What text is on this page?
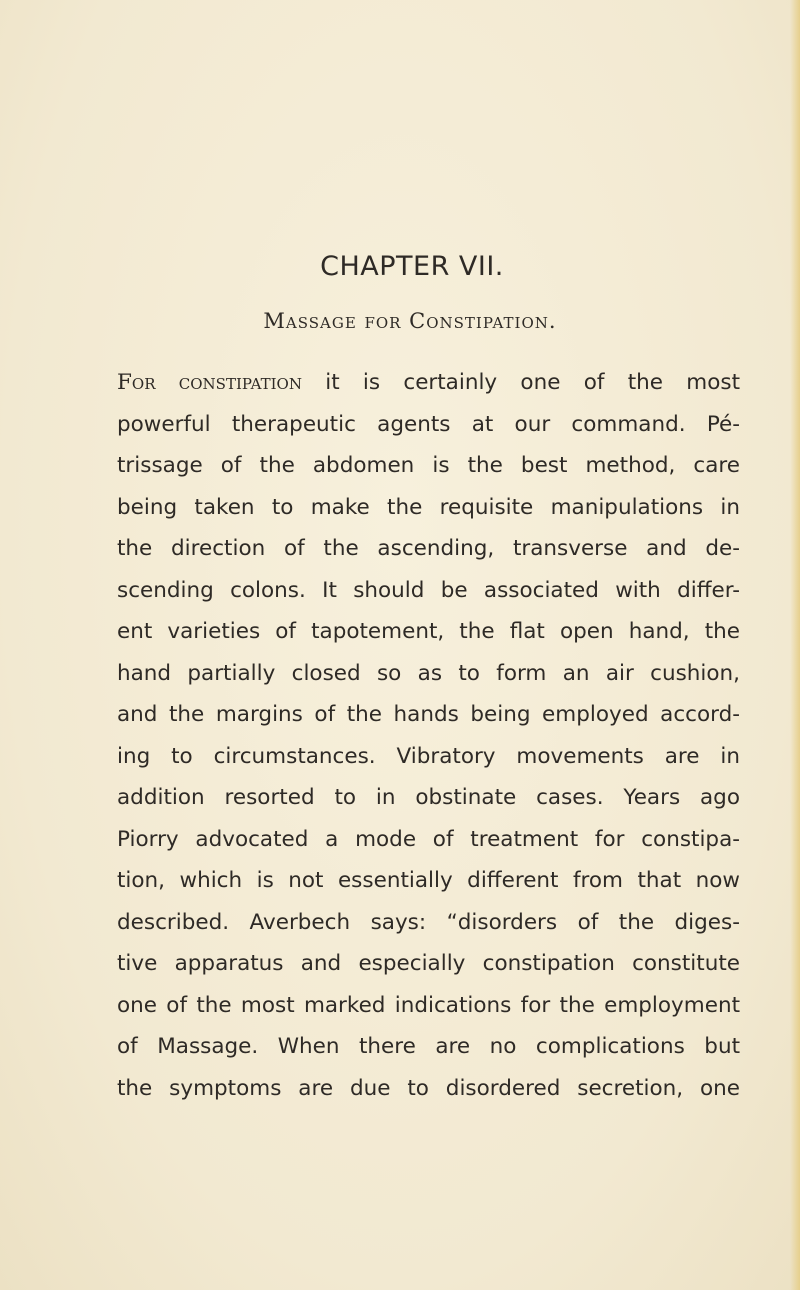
CHAPTER VII.
Massage for Constipation.
For constipation it is certainly one of the most
powerful therapeutic agents at our command. Pé-
trissage of the abdomen is the best method, care
being taken to make the requisite manipulations in
the direction of the ascending, transverse and de-
scending colons. It should be associated with differ-
ent varieties of tapotement, the flat open hand, the
hand partially closed so as to form an air cushion,
and the margins of the hands being employed accord-
ing to circumstances. Vibratory movements are in
addition resorted to in obstinate cases. Years ago
Piorry advocated a mode of treatment for constipa-
tion, which is not essentially different from that now
described. Averbech says: “disorders of the diges-
tive apparatus and especially constipation constitute
one of the most marked indications for the employment
of Massage. When there are no complications but
the symptoms are due to disordered secretion, one
